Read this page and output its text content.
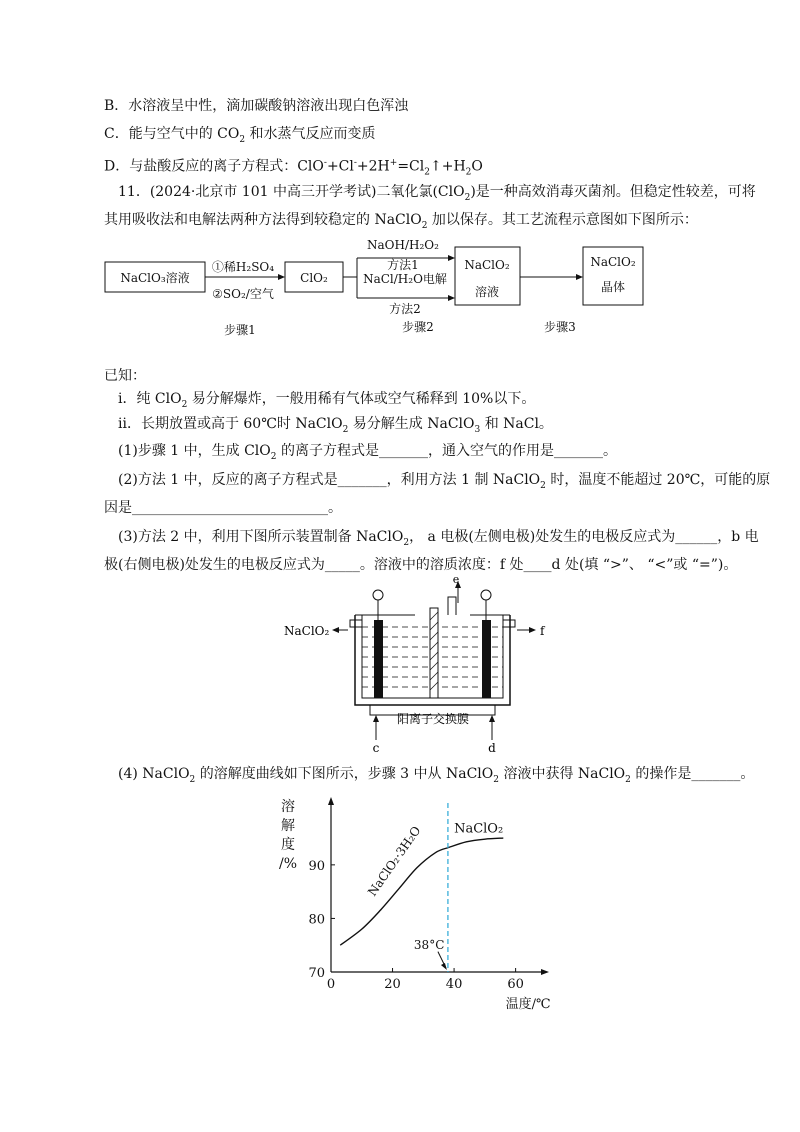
B．水溶液呈中性，滴加碳酸钠溶液出现白色浑浊
C．能与空气中的 $CO_2$ 和水蒸气反应而变质
D．与盐酸反应的离子方程式：$ClO^-+Cl^-+2H^+=Cl_2↑+H_2O$
11．(2024·北京市 101 中高三开学考试)二氧化氯(ClO$_2$)是一种高效消毒灭菌剂。但稳定性较差，可将
其用吸收法和电解法两种方法得到较稳定的 NaClO$_2$ 加以保存。其工艺流程示意图如下图所示：
NaClO₃溶液
①稀H₂SO₄
②SO₂/空气
ClO₂
NaOH/H₂O₂
方法1
NaCl/H₂O电解
方法2
NaClO₂
溶液
NaClO₂
晶体
步骤1	步骤2	步骤3
已知：
ⅰ．纯 ClO$_2$ 易分解爆炸，一般用稀有气体或空气稀释到 10%以下。
ⅱ．长期放置或高于 60℃时 NaClO$_2$ 易分解生成 NaClO$_3$ 和 NaCl。
(1)步骤 1 中，生成 ClO$_2$ 的离子方程式是_______，通入空气的作用是_______。
(2)方法 1 中，反应的离子方程式是_______，利用方法 1 制 NaClO$_2$ 时，温度不能超过 20℃，可能的原
因是____________________________。
(3)方法 2 中，利用下图所示装置制备 NaClO$_2$， a 电极(左侧电极)处发生的电极反应式为______，b 电
极(右侧电极)处发生的电极反应式为_____。溶液中的溶质浓度：f 处____d 处(填 “>”、 “<”或 “=”)。
e
NaClO₂	f
阳离子交换膜
c	d
(4) NaClO$_2$ 的溶解度曲线如下图所示，步骤 3 中从 NaClO$_2$ 溶液中获得 NaClO$_2$ 的操作是_______。
温度/℃
0	20	40	60
70
80
90
溶
解
度
/%	NaClO₂·3H₂O NaClO₂
38°C
